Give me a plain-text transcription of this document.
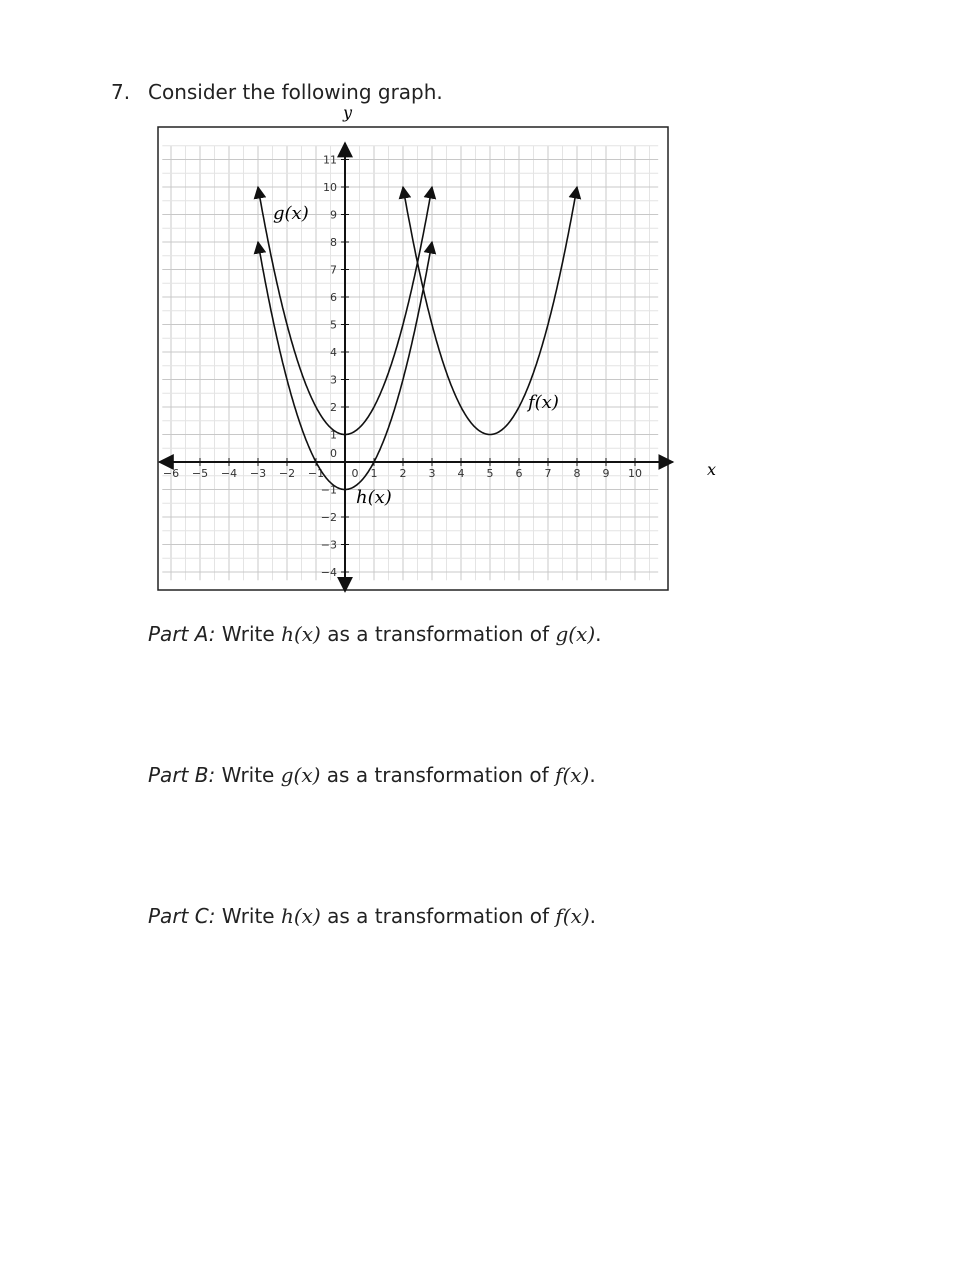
7. Consider the following graph.
−6 −5 −4 −3 −2 −1 0 1 2 3 4 5 6 7 8 9 10
−4
−3
−2
−1
0
1
2
3
4
5
6
7
8
9
10
11
x
y
g(x)
h(x)
f(x)
Part A: Write h(x) as a transformation of g(x).
Part B: Write g(x) as a transformation of f(x).
Part C: Write h(x) as a transformation of f(x).
